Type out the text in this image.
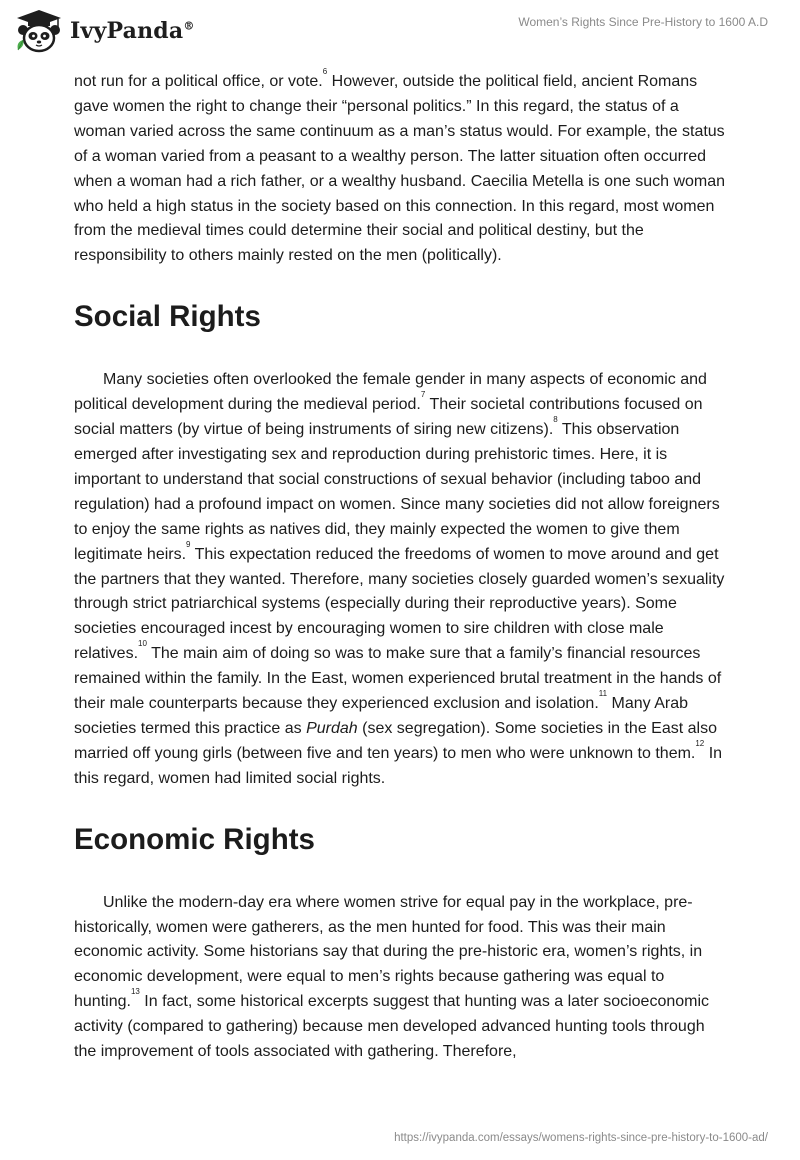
IvyPanda®	Women’s Rights Since Pre-History to 1600 A.D

not run for a political office, or vote.$^6$ However, outside the political field, ancient Romans gave women the right to change their “personal politics.” In this regard, the status of a woman varied across the same continuum as a man’s status would. For example, the status of a woman varied from a peasant to a wealthy person. The latter situation often occurred when a woman had a rich father, or a wealthy husband. Caecilia Metella is one such woman who held a high status in the society based on this connection. In this regard, most women from the medieval times could determine their social and political destiny, but the responsibility to others mainly rested on the men (politically).

Social Rights

Many societies often overlooked the female gender in many aspects of economic and political development during the medieval period.$^7$ Their societal contributions focused on social matters (by virtue of being instruments of siring new citizens).$^8$ This observation emerged after investigating sex and reproduction during prehistoric times. Here, it is important to understand that social constructions of sexual behavior (including taboo and regulation) had a profound impact on women. Since many societies did not allow foreigners to enjoy the same rights as natives did, they mainly expected the women to give them legitimate heirs.$^9$ This expectation reduced the freedoms of women to move around and get the partners that they wanted. Therefore, many societies closely guarded women’s sexuality through strict patriarchical systems (especially during their reproductive years). Some societies encouraged incest by encouraging women to sire children with close male relatives.$^{10}$ The main aim of doing so was to make sure that a family’s financial resources remained within the family. In the East, women experienced brutal treatment in the hands of their male counterparts because they experienced exclusion and isolation.$^{11}$ Many Arab societies termed this practice as Purdah (sex segregation). Some societies in the East also married off young girls (between five and ten years) to men who were unknown to them.$^{12}$ In this regard, women had limited social rights.

Economic Rights

Unlike the modern-day era where women strive for equal pay in the workplace, pre-historically, women were gatherers, as the men hunted for food. This was their main economic activity. Some historians say that during the pre-historic era, women’s rights, in economic development, were equal to men’s rights because gathering was equal to hunting.$^{13}$ In fact, some historical excerpts suggest that hunting was a later socioeconomic activity (compared to gathering) because men developed advanced hunting tools through the improvement of tools associated with gathering. Therefore,

https://ivypanda.com/essays/womens-rights-since-pre-history-to-1600-ad/
